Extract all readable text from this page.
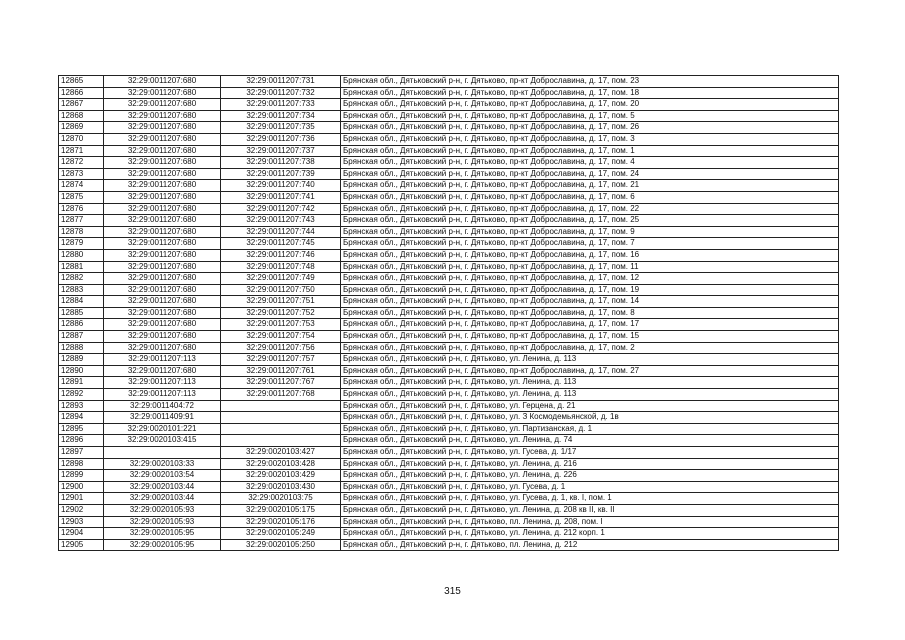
12865	32:29:0011207:680	32:29:0011207:731	Брянская обл., Дятьковский р-н, г. Дятьково, пр-кт Доброславина, д. 17, пом. 23
12866	32:29:0011207:680	32:29:0011207:732	Брянская обл., Дятьковский р-н, г. Дятьково, пр-кт Доброславина, д. 17, пом. 18
12867	32:29:0011207:680	32:29:0011207:733	Брянская обл., Дятьковский р-н, г. Дятьково, пр-кт Доброславина, д. 17, пом. 20
12868	32:29:0011207:680	32:29:0011207:734	Брянская обл., Дятьковский р-н, г. Дятьково, пр-кт Доброславина, д. 17, пом. 5
12869	32:29:0011207:680	32:29:0011207:735	Брянская обл., Дятьковский р-н, г. Дятьково, пр-кт Доброславина, д. 17, пом. 26
12870	32:29:0011207:680	32:29:0011207:736	Брянская обл., Дятьковский р-н, г. Дятьково, пр-кт Доброславина, д. 17, пом. 3
12871	32:29:0011207:680	32:29:0011207:737	Брянская обл., Дятьковский р-н, г. Дятьково, пр-кт Доброславина, д. 17, пом. 1
12872	32:29:0011207:680	32:29:0011207:738	Брянская обл., Дятьковский р-н, г. Дятьково, пр-кт Доброславина, д. 17, пом. 4
12873	32:29:0011207:680	32:29:0011207:739	Брянская обл., Дятьковский р-н, г. Дятьково, пр-кт Доброславина, д. 17, пом. 24
12874	32:29:0011207:680	32:29:0011207:740	Брянская обл., Дятьковский р-н, г. Дятьково, пр-кт Доброславина, д. 17, пом. 21
12875	32:29:0011207:680	32:29:0011207:741	Брянская обл., Дятьковский р-н, г. Дятьково, пр-кт Доброславина, д. 17, пом. 6
12876	32:29:0011207:680	32:29:0011207:742	Брянская обл., Дятьковский р-н, г. Дятьково, пр-кт Доброславина, д. 17, пом. 22
12877	32:29:0011207:680	32:29:0011207:743	Брянская обл., Дятьковский р-н, г. Дятьково, пр-кт Доброславина, д. 17, пом. 25
12878	32:29:0011207:680	32:29:0011207:744	Брянская обл., Дятьковский р-н, г. Дятьково, пр-кт Доброславина, д. 17, пом. 9
12879	32:29:0011207:680	32:29:0011207:745	Брянская обл., Дятьковский р-н, г. Дятьково, пр-кт Доброславина, д. 17, пом. 7
12880	32:29:0011207:680	32:29:0011207:746	Брянская обл., Дятьковский р-н, г. Дятьково, пр-кт Доброславина, д. 17, пом. 16
12881	32:29:0011207:680	32:29:0011207:748	Брянская обл., Дятьковский р-н, г. Дятьково, пр-кт Доброславина, д. 17, пом. 11
12882	32:29:0011207:680	32:29:0011207:749	Брянская обл., Дятьковский р-н, г. Дятьково, пр-кт Доброславина, д. 17, пом. 12
12883	32:29:0011207:680	32:29:0011207:750	Брянская обл., Дятьковский р-н, г. Дятьково, пр-кт Доброславина, д. 17, пом. 19
12884	32:29:0011207:680	32:29:0011207:751	Брянская обл., Дятьковский р-н, г. Дятьково, пр-кт Доброславина, д. 17, пом. 14
12885	32:29:0011207:680	32:29:0011207:752	Брянская обл., Дятьковский р-н, г. Дятьково, пр-кт Доброславина, д. 17, пом. 8
12886	32:29:0011207:680	32:29:0011207:753	Брянская обл., Дятьковский р-н, г. Дятьково, пр-кт Доброславина, д. 17, пом. 17
12887	32:29:0011207:680	32:29:0011207:754	Брянская обл., Дятьковский р-н, г. Дятьково, пр-кт Доброславина, д. 17, пом. 15
12888	32:29:0011207:680	32:29:0011207:756	Брянская обл., Дятьковский р-н, г. Дятьково, пр-кт Доброславина, д. 17, пом. 2
12889	32:29:0011207:113	32:29:0011207:757	Брянская обл., Дятьковский р-н, г. Дятьково, ул. Ленина, д. 113
12890	32:29:0011207:680	32:29:0011207:761	Брянская обл., Дятьковский р-н, г. Дятьково, пр-кт Доброславина, д. 17, пом. 27
12891	32:29:0011207:113	32:29:0011207:767	Брянская обл., Дятьковский р-н, г. Дятьково, ул. Ленина, д. 113
12892	32:29:0011207:113	32:29:0011207:768	Брянская обл., Дятьковский р-н, г. Дятьково, ул. Ленина, д. 113
12893	32:29:0011404:72		Брянская обл., Дятьковский р-н, г. Дятьково, ул. Герцена, д. 21
12894	32:29:0011409:91		Брянская обл., Дятьковский р-н, г. Дятьково, ул. З Космодемьянской, д. 1в
12895	32:29:0020101:221		Брянская обл., Дятьковский р-н, г. Дятьково, ул. Партизанская, д. 1
12896	32:29:0020103:415		Брянская обл., Дятьковский р-н, г. Дятьково, ул. Ленина, д. 74
12897		32:29:0020103:427	Брянская обл., Дятьковский р-н, г. Дятьково, ул. Гусева, д. 1/17
12898	32:29:0020103:33	32:29:0020103:428	Брянская обл., Дятьковский р-н, г. Дятьково, ул. Ленина, д. 216
12899	32:29:0020103:54	32:29:0020103:429	Брянская обл., Дятьковский р-н, г. Дятьково, ул. Ленина, д. 226
12900	32:29:0020103:44	32:29:0020103:430	Брянская обл., Дятьковский р-н, г. Дятьково, ул. Гусева, д. 1
12901	32:29:0020103:44	32:29:0020103:75	Брянская обл., Дятьковский р-н, г. Дятьково, ул. Гусева, д. 1, кв. I, пом. 1
12902	32:29:0020105:93	32:29:0020105:175	Брянская обл., Дятьковский р-н, г. Дятьково, ул. Ленина, д. 208 кв II, кв. II
12903	32:29:0020105:93	32:29:0020105:176	Брянская обл., Дятьковский р-н, г. Дятьково, пл. Ленина, д. 208, пом. I
12904	32:29:0020105:95	32:29:0020105:249	Брянская обл., Дятьковский р-н, г. Дятьково, ул. Ленина, д. 212 корп. 1
12905	32:29:0020105:95	32:29:0020105:250	Брянская обл., Дятьковский р-н, г. Дятьково, пл. Ленина, д. 212
315
